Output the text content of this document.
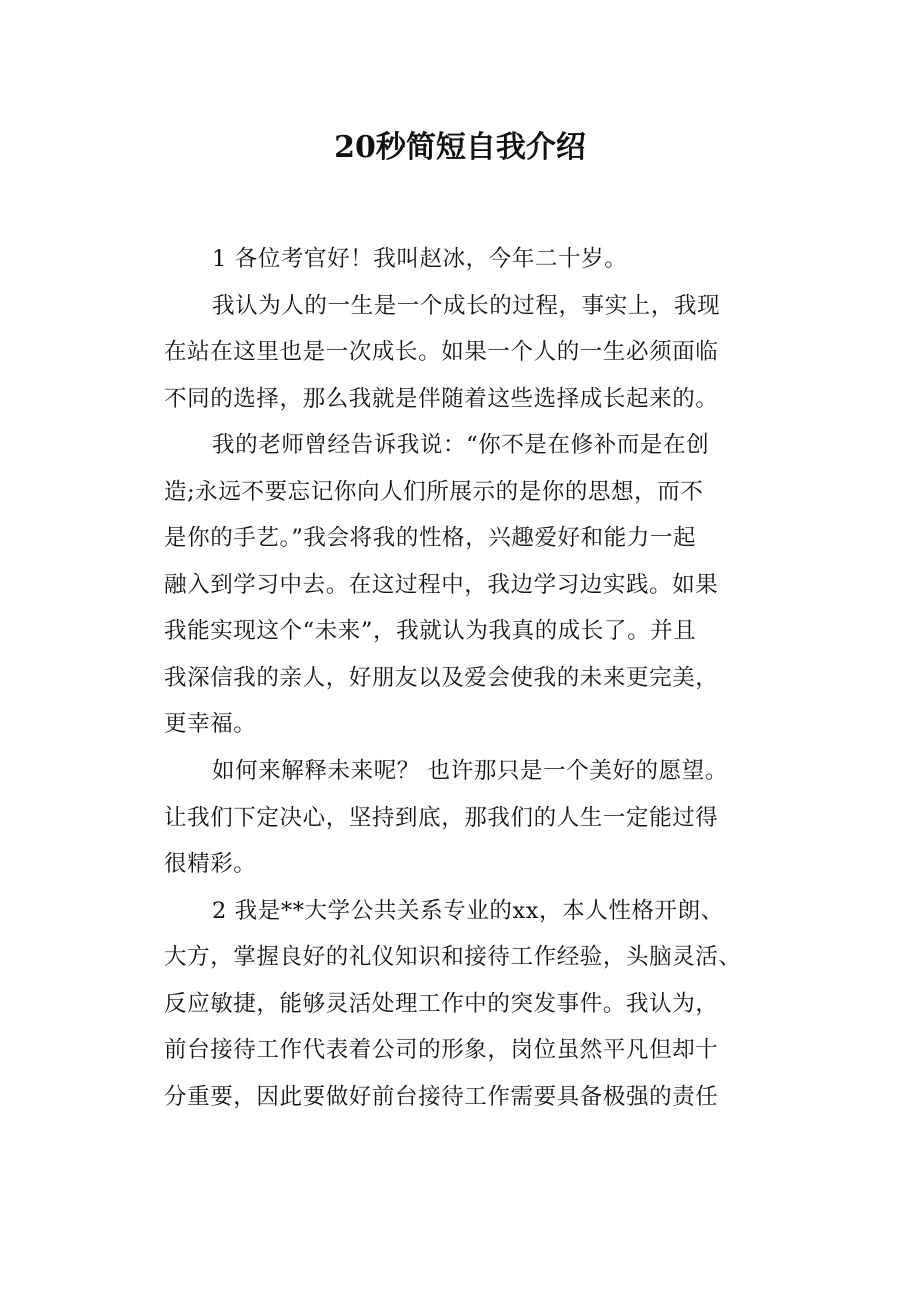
20秒简短自我介绍
1 各位考官好！我叫赵冰，今年二十岁。
我认为人的一生是一个成长的过程，事实上，我现
在站在这里也是一次成长。如果一个人的一生必须面临
不同的选择，那么我就是伴随着这些选择成长起来的。
我的老师曾经告诉我说：“你不是在修补而是在创
造;永远不要忘记你向人们所展示的是你的思想，而不
是你的手艺。”我会将我的性格，兴趣爱好和能力一起
融入到学习中去。在这过程中，我边学习边实践。如果
我能实现这个“未来”，我就认为我真的成长了。并且
我深信我的亲人，好朋友以及爱会使我的未来更完美，
更幸福。
如何来解释未来呢？ 也许那只是一个美好的愿望。
让我们下定决心，坚持到底，那我们的人生一定能过得
很精彩。
2 我是**大学公共关系专业的xx，本人性格开朗、
大方，掌握良好的礼仪知识和接待工作经验，头脑灵活、
反应敏捷，能够灵活处理工作中的突发事件。我认为，
前台接待工作代表着公司的形象，岗位虽然平凡但却十
分重要，因此要做好前台接待工作需要具备极强的责任
